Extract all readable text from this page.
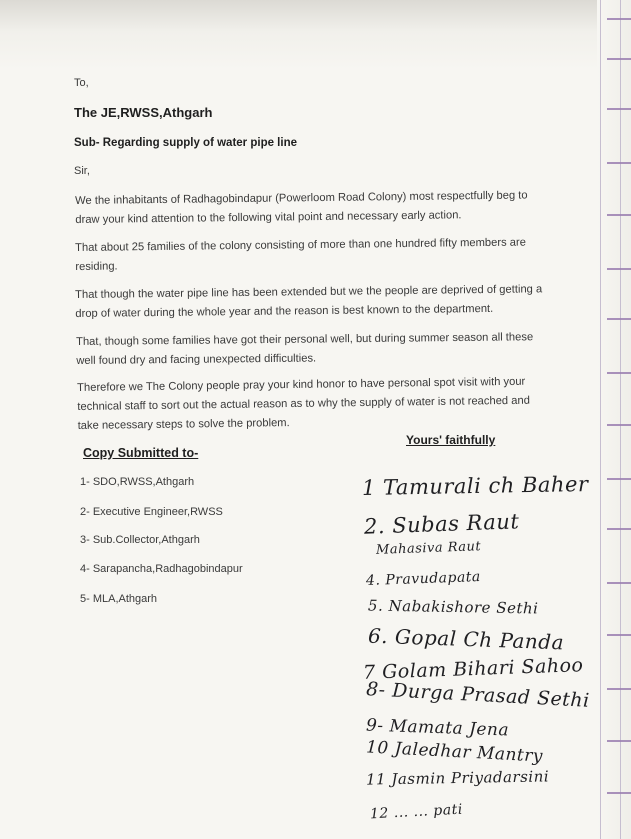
To,

The JE,RWSS,Athgarh

Sub- Regarding supply of water pipe line

Sir,

We the inhabitants of Radhagobindapur (Powerloom Road Colony) most respectfully beg to
draw your kind attention to the following vital point and necessary early action.
That about 25 families of the colony consisting of more than one hundred fifty members are
residing.
That though the water pipe line has been extended but we the people are deprived of getting a
drop of water during the whole year and the reason is best known to the department.
That, though some families have got their personal well, but during summer season all these
well found dry and facing unexpected difficulties.
Therefore we The Colony people pray your kind honor to have personal spot visit with your
technical staff to sort out the actual reason as to why the supply of water is not reached and
take necessary steps to solve the problem.

Yours' faithfully

Copy Submitted to-

1- SDO,RWSS,Athgarh

2- Executive Engineer,RWSS

3- Sub.Collector,Athgarh

4- Sarapancha,Radhagobindapur

5- MLA,Athgarh

1 Tamurali ch Baher

2. Subas Raut

Mahasiva Raut

4. Pravudapata

5. Nabakishore Sethi

6. Gopal Ch Panda

7 Golam Bihari Sahoo

8- Durga Prasad Sethi

9- Mamata Jena

10 Jaledhar Mantry

11 Jasmin Priyadarsini

12 ... ... pati
